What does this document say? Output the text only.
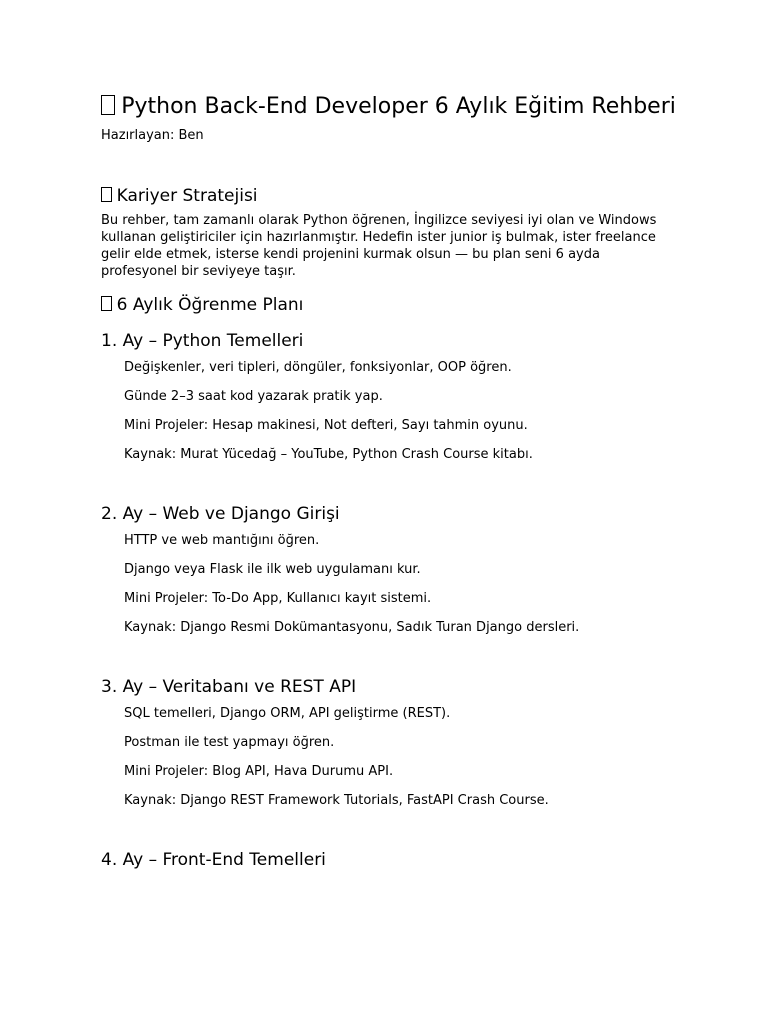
Python Back-End Developer 6 Aylık Eğitim Rehberi

Hazırlayan: Ben

Kariyer Stratejisi

Bu rehber, tam zamanlı olarak Python öğrenen, İngilizce seviyesi iyi olan ve Windows kullanan geliştiriciler için hazırlanmıştır. Hedefin ister junior iş bulmak, ister freelance gelir elde etmek, isterse kendi projenini kurmak olsun — bu plan seni 6 ayda profesyonel bir seviyeye taşır.

6 Aylık Öğrenme Planı
1. Ay – Python Temelleri
Değişkenler, veri tipleri, döngüler, fonksiyonlar, OOP öğren.
Günde 2–3 saat kod yazarak pratik yap.
Mini Projeler: Hesap makinesi, Not defteri, Sayı tahmin oyunu.
Kaynak: Murat Yücedağ – YouTube, Python Crash Course kitabı.
2. Ay – Web ve Django Girişi
HTTP ve web mantığını öğren.
Django veya Flask ile ilk web uygulamanı kur.
Mini Projeler: To-Do App, Kullanıcı kayıt sistemi.
Kaynak: Django Resmi Dokümantasyonu, Sadık Turan Django dersleri.
3. Ay – Veritabanı ve REST API
SQL temelleri, Django ORM, API geliştirme (REST).
Postman ile test yapmayı öğren.
Mini Projeler: Blog API, Hava Durumu API.
Kaynak: Django REST Framework Tutorials, FastAPI Crash Course.
4. Ay – Front-End Temelleri
